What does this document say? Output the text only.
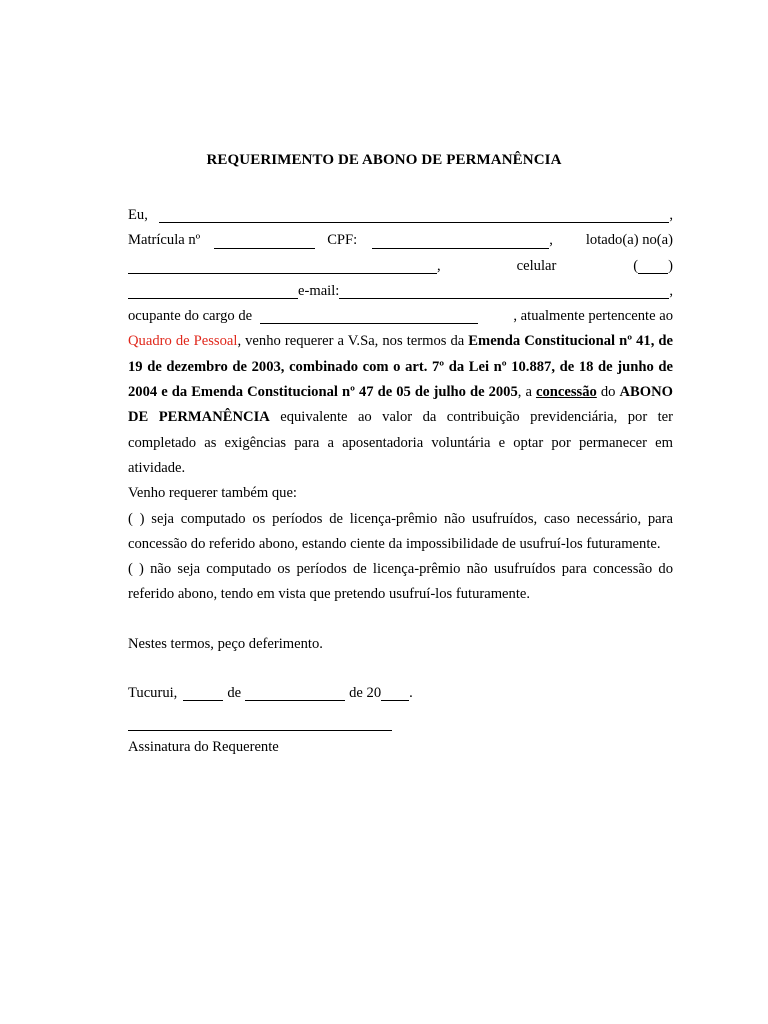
REQUERIMENTO DE ABONO DE PERMANÊNCIA
Eu,	,
Matrícula nº	CPF:	, lotado(a) no(a)
,	celular	( )
e-mail:	,
ocupante do cargo de	, atualmente pertencente ao

Quadro de Pessoal, venho requerer a V.Sa, nos termos da Emenda Constitucional nº 41, de 19 de dezembro de 2003, combinado com o art. 7º da Lei nº 10.887, de 18 de junho de 2004 e da Emenda Constitucional nº 47 de 05 de julho de 2005, a concessão do ABONO DE PERMANÊNCIA equivalente ao valor da contribuição previdenciária, por ter completado as exigências para a aposentadoria voluntária e optar por permanecer em atividade.

Venho requerer também que:

( ) seja computado os períodos de licença-prêmio não usufruídos, caso necessário, para concessão do referido abono, estando ciente da impossibilidade de usufruí-los futuramente.

( ) não seja computado os períodos de licença-prêmio não usufruídos para concessão do referido abono, tendo em vista que pretendo usufruí-los futuramente.

Nestes termos, peço deferimento.

Tucurui,	de	de 20 .

Assinatura do Requerente
